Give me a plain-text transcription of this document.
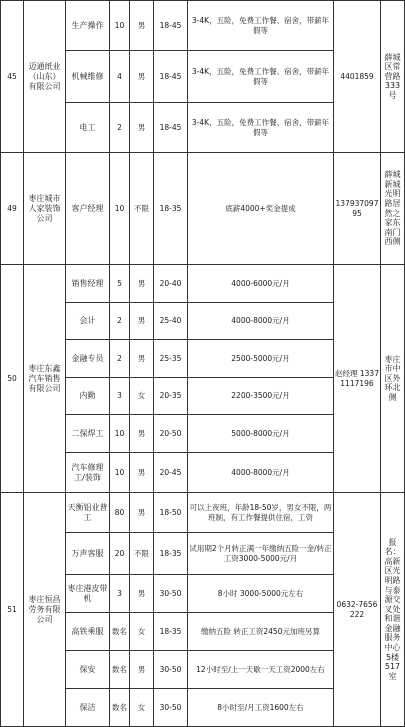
45	迈通纸业（山东）有限公司	生产操作	10	男	18-45	3-4K，五险，免费工作餐、宿舍，带薪年假等	4401859	薛城区常营路333号
		机械维修	4	男	18-45	3-4K，五险，免费工作餐、宿舍，带薪年假等		
		电工	2	男	18-45	3-4K，五险，免费工作餐、宿舍，带薪年假等		
49	枣庄城市人家装饰公司	客户经理	10	不限	18-35	底薪4000+奖金提成	13793709795	薛城新城光明路居然之家东南门西侧
50	枣庄东鑫汽车销售有限公司	销售经理	5	男	20-40	4000-6000元/月	赵经理 13371117196	枣庄市中区外环北侧
		会计	2	男	25-40	4000-8000元/月		
		金融专员	2	男	25-35	2500-5000元/月		
		内勤	3	女	20-35	2200-3500元/月		
		二保焊工	10	男	20-50	5000-8000元/月		
		汽车修理工/装饰	10	男	20-45	4000-8000元/月		
51	枣庄恒昌劳务有限公司	天衡铝业普工	80	男	18-50	可以上夜班，年龄18-50岁，男女不限，两班制，有工作餐提供住宿，工资	0632-7656222	报名：高新区光明路与泰源交叉处和谐金融服务中心5楼517室
		万声客服	20	不限	18-35	试用期2个月转正满一年缴纳五险一金/转正工资3000-5000元/月		
		枣庄港皮带机	3	男	30-50	8小时 3000-5000元左右		
		高铁乘服	数名	女	18-35	缴纳五险 转正工资2450元加班另算		
		保安	数名	男	30-50	12小时至/上一天歇一天工资2000左右		
		保洁	数名	女	30-50	8小时至/月工资1600左右		
